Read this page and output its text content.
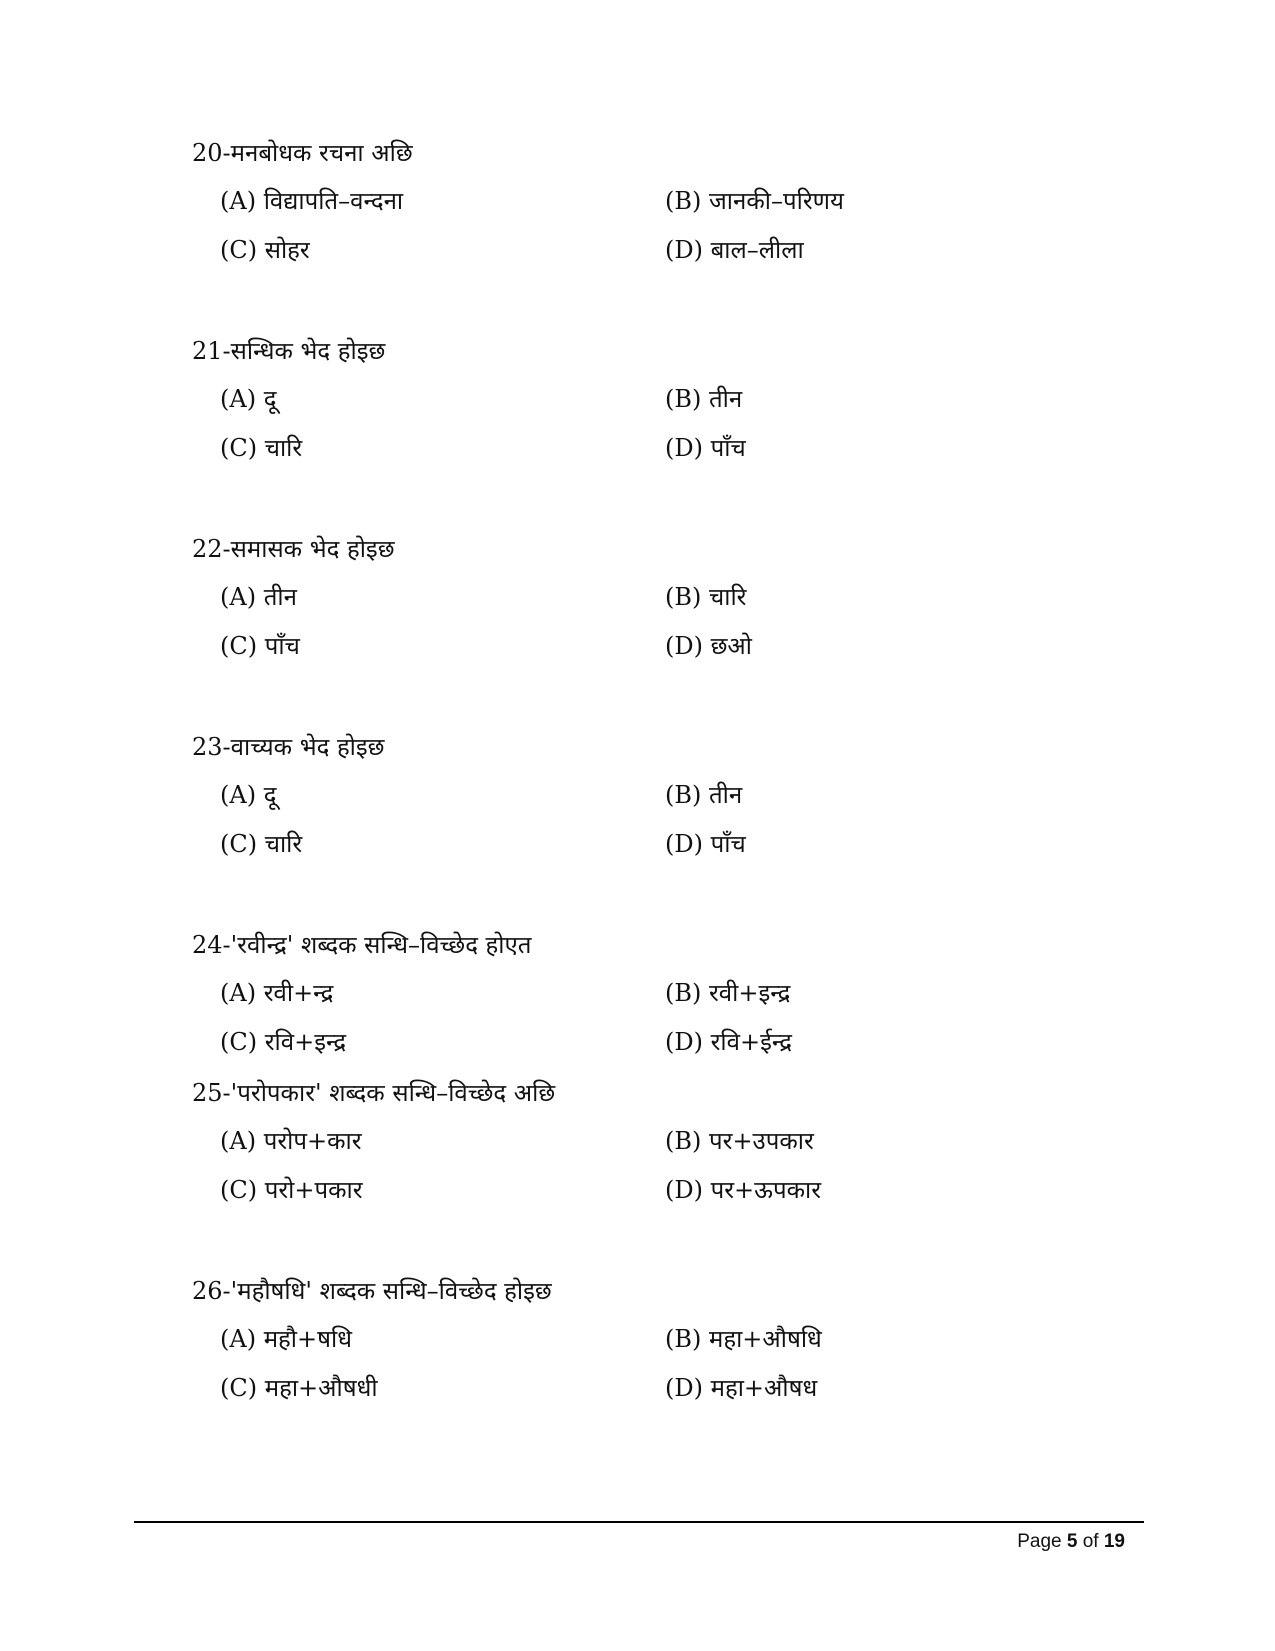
20-मनबोधक रचना अछि
(A) विद्यापति–वन्दना	(B) जानकी–परिणय
(C) सोहर	(D) बाल–लीला
21-सन्धिक भेद होइछ
(A) दू	(B) तीन
(C) चारि	(D) पाँच
22-समासक भेद होइछ
(A) तीन	(B) चारि
(C) पाँच	(D) छओ
23-वाच्यक भेद होइछ
(A) दू	(B) तीन
(C) चारि	(D) पाँच
24-'रवीन्द्र' शब्दक सन्धि–विच्छेद होएत
(A) रवी+न्द्र	(B) रवी+इन्द्र
(C) रवि+इन्द्र	(D) रवि+ईन्द्र
25-'परोपकार' शब्दक सन्धि–विच्छेद अछि
(A) परोप+कार	(B) पर+उपकार
(C) परो+पकार	(D) पर+ऊपकार
26-'महौषधि' शब्दक सन्धि–विच्छेद होइछ
(A) महौ+षधि	(B) महा+औषधि
(C) महा+औषधी	(D) महा+औषध
Page 5 of 19
